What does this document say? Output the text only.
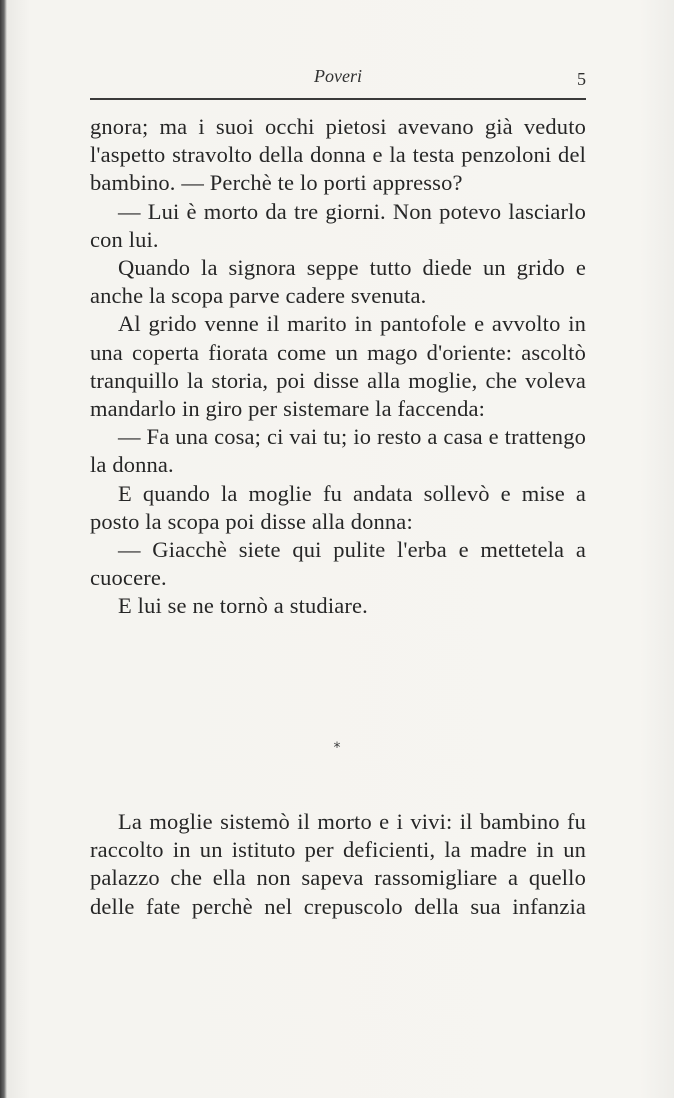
Poveri	5

gnora; ma i suoi occhi pietosi avevano già veduto l'aspetto stravolto della donna e la testa penzoloni del bambino. — Perchè te lo porti appresso?

— Lui è morto da tre giorni. Non potevo lasciarlo con lui.

Quando la signora seppe tutto diede un grido e anche la scopa parve cadere svenuta.

Al grido venne il marito in pantofole e avvolto in una coperta fiorata come un mago d'oriente: ascoltò tranquillo la storia, poi disse alla moglie, che voleva mandarlo in giro per sistemare la faccenda:

— Fa una cosa; ci vai tu; io resto a casa e trattengo la donna.

E quando la moglie fu andata sollevò e mise a posto la scopa poi disse alla donna:

— Giacchè siete qui pulite l'erba e mettetela a cuocere.

E lui se ne tornò a studiare.

*

La moglie sistemò il morto e i vivi: il bambino fu raccolto in un istituto per deficienti, la madre in un palazzo che ella non sapeva rassomigliare a quello delle fate perchè nel crepuscolo della sua infanzia
